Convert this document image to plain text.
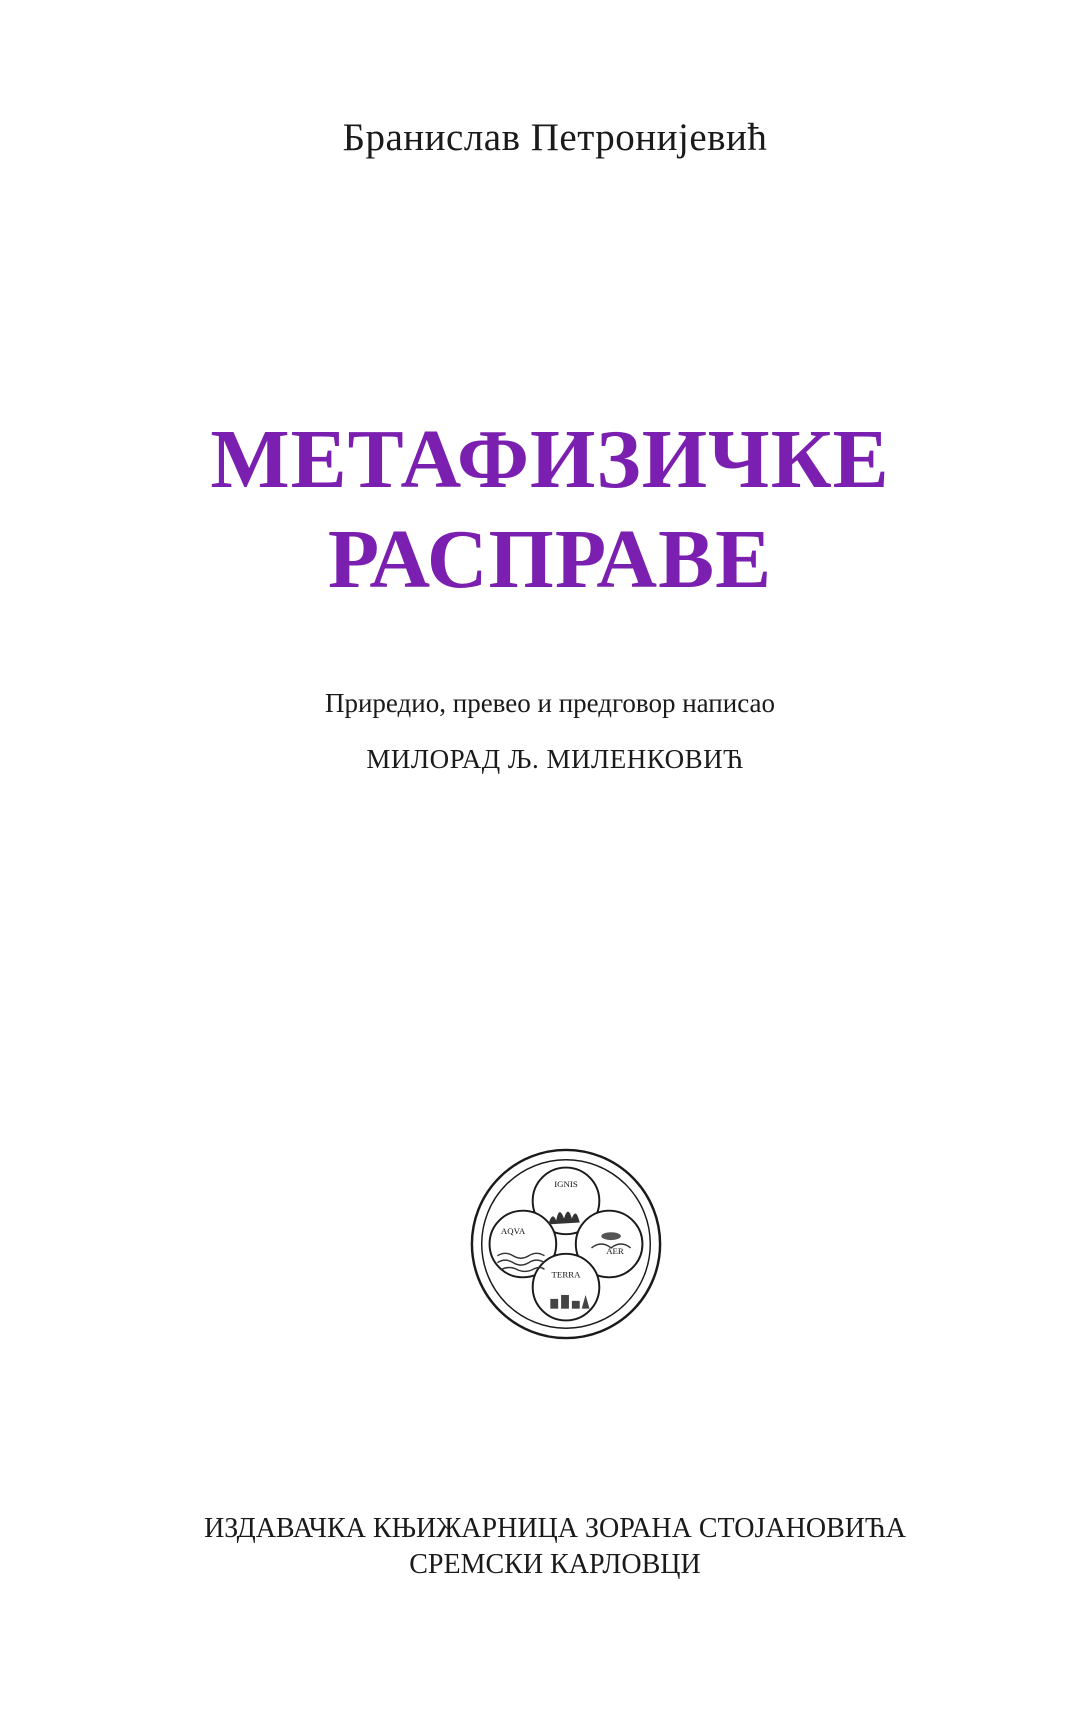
Бранислав Петронијевић
МЕТАФИЗИЧКЕ
РАСПРАВЕ
Приредио, превео и предговор написао
МИЛОРАД Љ. МИЛЕНКОВИЋ
IGNIS
AQVA
AER
TERRA
ИЗДАВАЧКА КЊИЖАРНИЦА ЗОРАНА СТОЈАНОВИЋА
СРЕМСКИ КАРЛОВЦИ
